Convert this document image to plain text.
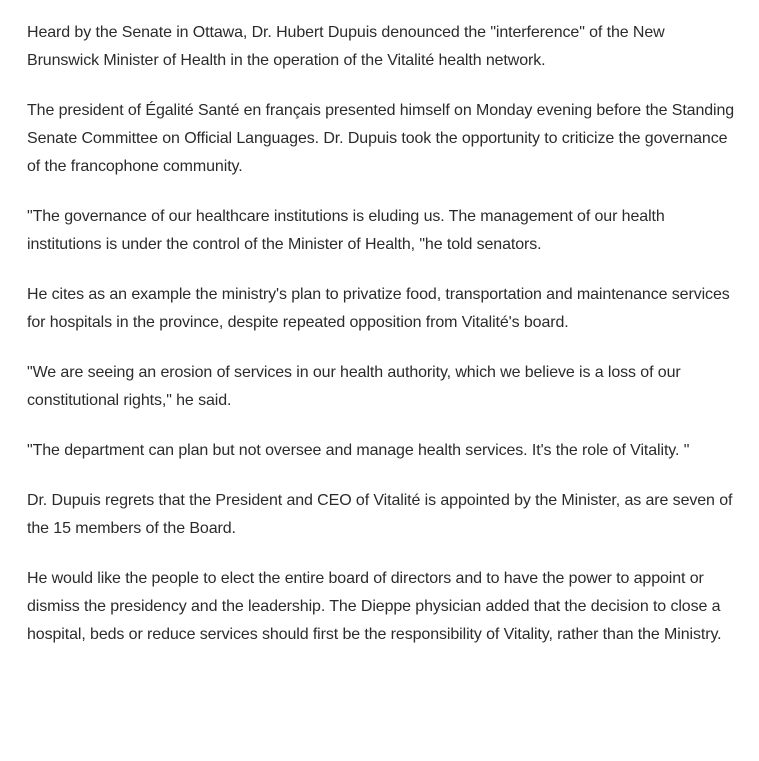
Heard by the Senate in Ottawa, Dr. Hubert Dupuis denounced the "interference" of the New Brunswick Minister of Health in the operation of the Vitalité health network.

The president of Égalité Santé en français presented himself on Monday evening before the Standing Senate Committee on Official Languages. Dr. Dupuis took the opportunity to criticize the governance of the francophone community.

"The governance of our healthcare institutions is eluding us. The management of our health institutions is under the control of the Minister of Health, "he told senators.

He cites as an example the ministry's plan to privatize food, transportation and maintenance services for hospitals in the province, despite repeated opposition from Vitalité's board.

"We are seeing an erosion of services in our health authority, which we believe is a loss of our constitutional rights," he said.

"The department can plan but not oversee and manage health services. It's the role of Vitality. "

Dr. Dupuis regrets that the President and CEO of Vitalité is appointed by the Minister, as are seven of the 15 members of the Board.

He would like the people to elect the entire board of directors and to have the power to appoint or dismiss the presidency and the leadership. The Dieppe physician added that the decision to close a hospital, beds or reduce services should first be the responsibility of Vitality, rather than the Ministry.
